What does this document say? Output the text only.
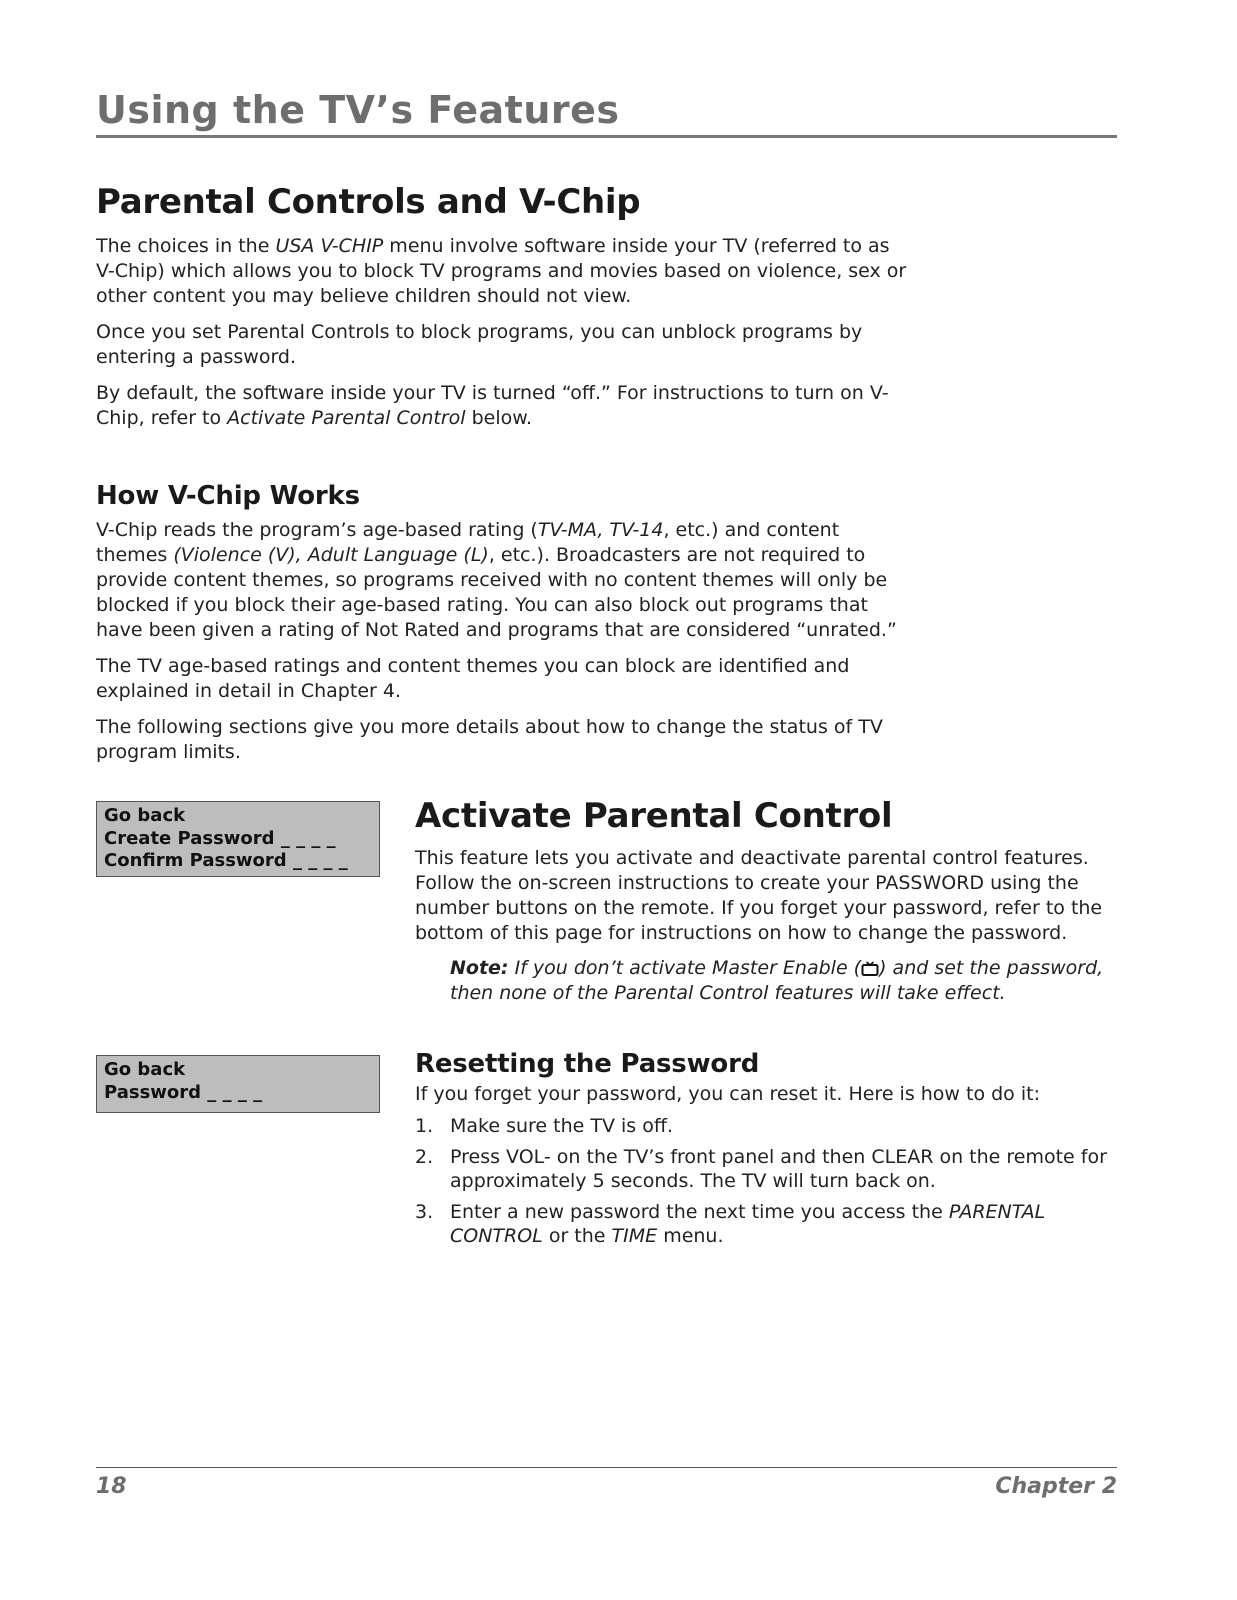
Using the TV’s Features
Parental Controls and V-Chip

The choices in the USA V-CHIP menu involve software inside your TV (referred to as V-Chip) which allows you to block TV programs and movies based on violence, sex or other content you may believe children should not view.

Once you set Parental Controls to block programs, you can unblock programs by entering a password.

By default, the software inside your TV is turned “off.” For instructions to turn on V-Chip, refer to Activate Parental Control below.

How V-Chip Works

V-Chip reads the program’s age-based rating (TV-MA, TV-14, etc.) and content themes (Violence (V), Adult Language (L), etc.). Broadcasters are not required to provide content themes, so programs received with no content themes will only be blocked if you block their age-based rating. You can also block out programs that have been given a rating of Not Rated and programs that are considered “unrated.”

The TV age-based ratings and content themes you can block are identified and explained in detail in Chapter 4.

The following sections give you more details about how to change the status of TV program limits.

Go back
Create Password _ _ _ _
Confirm Password _ _ _ _
Activate Parental Control

This feature lets you activate and deactivate parental control features. Follow the on-screen instructions to create your PASSWORD using the number buttons on the remote. If you forget your password, refer to the bottom of this page for instructions on how to change the password.

Note: If you don’t activate Master Enable ( ) and set the password, then none of the Parental Control features will take effect.
Go back
Password _ _ _ _
Resetting the Password

If you forget your password, you can reset it. Here is how to do it:

1. Make sure the TV is off.
2. Press VOL- on the TV’s front panel and then CLEAR on the remote for approximately 5 seconds. The TV will turn back on.
3. Enter a new password the next time you access the PARENTAL CONTROL or the TIME menu.
18	Chapter 2
